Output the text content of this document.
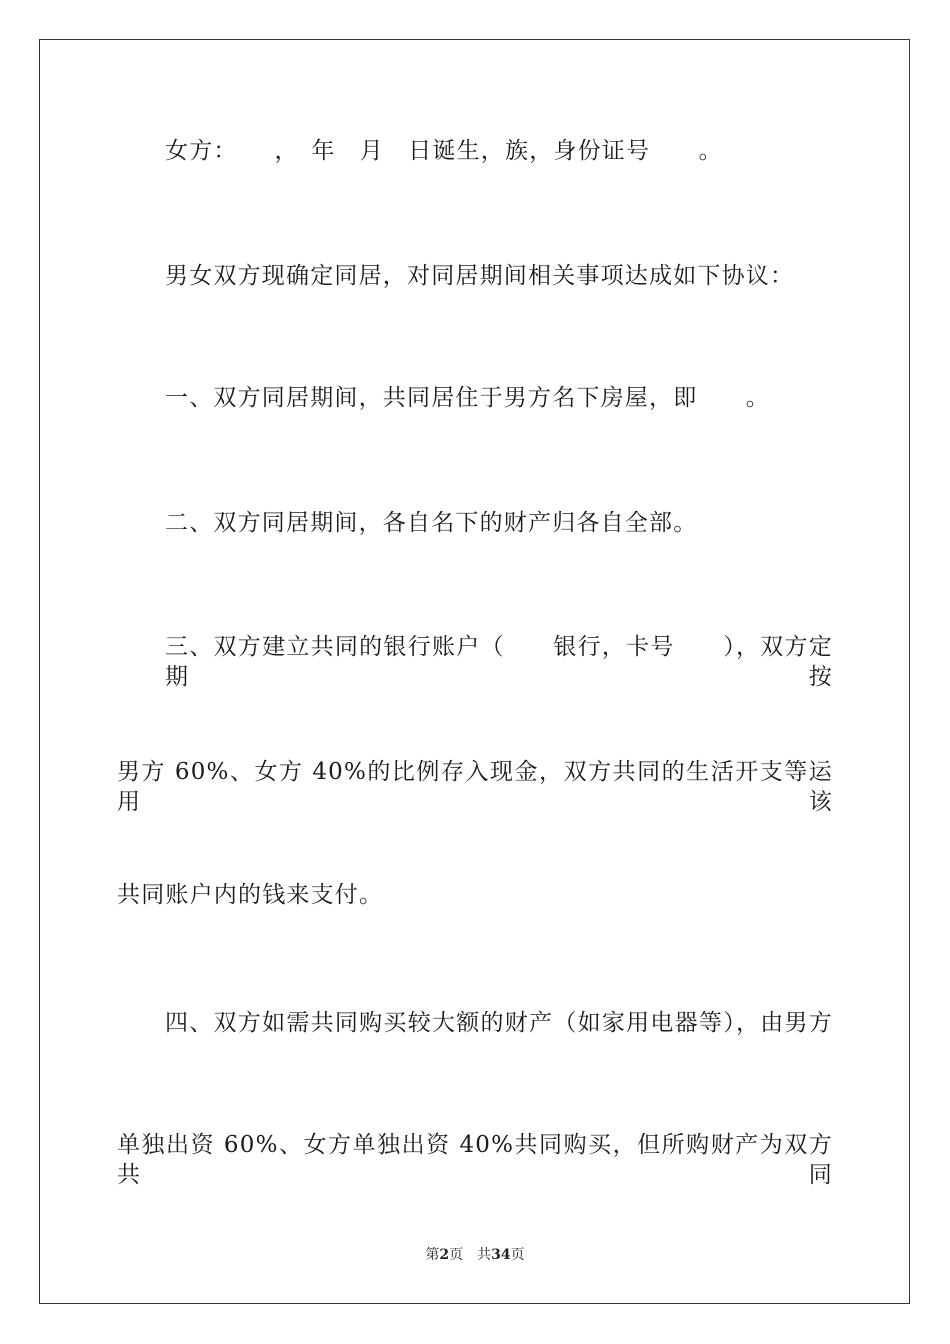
女方：　　，　年　月　日诞生，族，身份证号　　。
男女双方现确定同居，对同居期间相关事项达成如下协议：
一、双方同居期间，共同居住于男方名下房屋，即　　。
二、双方同居期间，各自名下的财产归各自全部。
三、双方建立共同的银行账户（　　银行，卡号　　），双方定期按
男方 60%、女方 40%的比例存入现金，双方共同的生活开支等运用该
共同账户内的钱来支付。
四、双方如需共同购买较大额的财产（如家用电器等），由男方
单独出资 60%、女方单独出资 40%共同购买，但所购财产为双方共同
第2页 共34页
